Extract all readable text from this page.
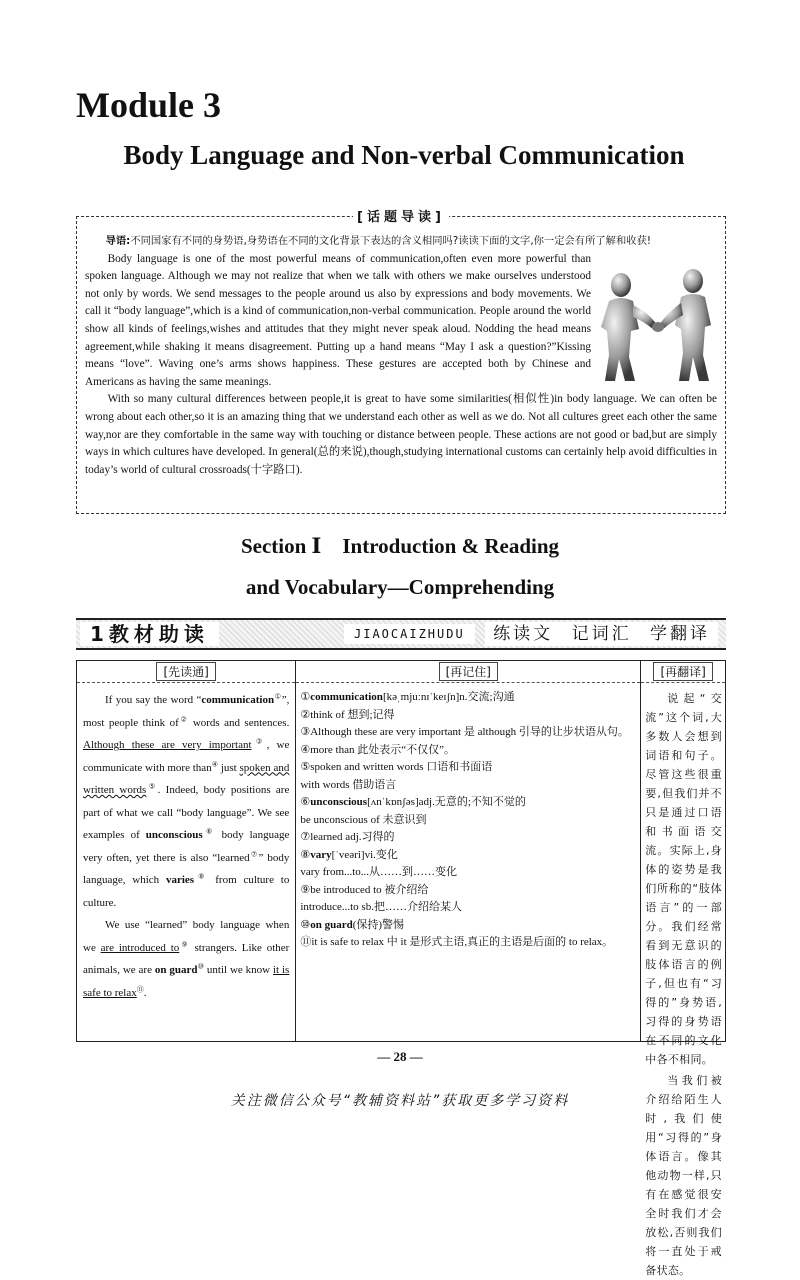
Module 3
Body Language and Non-verbal Communication
[话题导读]

导语:不同国家有不同的身势语,身势语在不同的文化背景下表达的含义相同吗?读读下面的文字,你一定会有所了解和收获!

Body language is one of the most powerful means of communication,often even more powerful than spoken language. Although we may not realize that when we talk with others we make ourselves understood not only by words. We send messages to the people around us also by expressions and body movements. We call it “body language”,which is a kind of communication,non-verbal communication. People around the world show all kinds of feelings,wishes and attitudes that they might never speak aloud. Nodding the head means agreement,while shaking it means disagreement. Putting up a hand means “May I ask a question?”Kissing means “love”. Waving one’s arms shows happiness. These gestures are accepted both by Chinese and Americans as having the same meanings.

With so many cultural differences between people,it is great to have some similarities(相似性)in body language. We can often be wrong about each other,so it is an amazing thing that we understand each other as well as we do. Not all cultures greet each other the same way,nor are they comfortable in the same way with touching or distance between people. These actions are not good or bad,but are simply ways in which cultures have developed. In general(总的来说),though,studying international customs can certainly help avoid difficulties in today’s world of cultural crossroads(十字路口).

Section Ⅰ　Introduction & Reading
and Vocabulary—Comprehending
1教材助读	JIAOCAIZHUDU	练读文 记词汇 学翻译
[先读通]

If you say the word “communication①”, most people think of② words and sentences. Although these are very important③, we communicate with more than④ just spoken and written words⑤. Indeed, body positions are part of what we call “body language”. We see examples of unconscious⑥ body language very often, yet there is also “learned⑦” body language, which varies⑧ from culture to culture.

We use “learned” body language when we are introduced to⑨ strangers. Like other animals, we are on guard⑩ until we know it is safe to relax⑪.

[再记住]
①communication[kəˌmjuːnɪˈkeɪʃn]n.交流;沟通
②think of 想到;记得
③Although these are very important 是 although 引导的让步状语从句。
④more than 此处表示“不仅仅”。
⑤spoken and written words 口语和书面语
with words 借助语言
⑥unconscious[ʌnˈkɒnʃəs]adj.无意的;不知不觉的
be unconscious of 未意识到
⑦learned adj.习得的
⑧vary[ˈveəri]vi.变化
vary from...to...从……到……变化
⑨be introduced to 被介绍给
introduce...to sb.把……介绍给某人
⑩on guard(保持)警惕
⑪it is safe to relax 中 it 是形式主语,真正的主语是后面的 to relax。
[再翻译]

说起“交流”这个词,大多数人会想到词语和句子。尽管这些很重要,但我们并不只是通过口语和书面语交流。实际上,身体的姿势是我们所称的“肢体语言”的一部分。我们经常看到无意识的肢体语言的例子,但也有“习得的”身势语,习得的身势语在不同的文化中各不相同。

当我们被介绍给陌生人时,我们使用“习得的”身体语言。像其他动物一样,只有在感觉很安全时我们才会放松,否则我们将一直处于戒备状态。

— 28 —
关注微信公众号“教辅资料站”获取更多学习资料
